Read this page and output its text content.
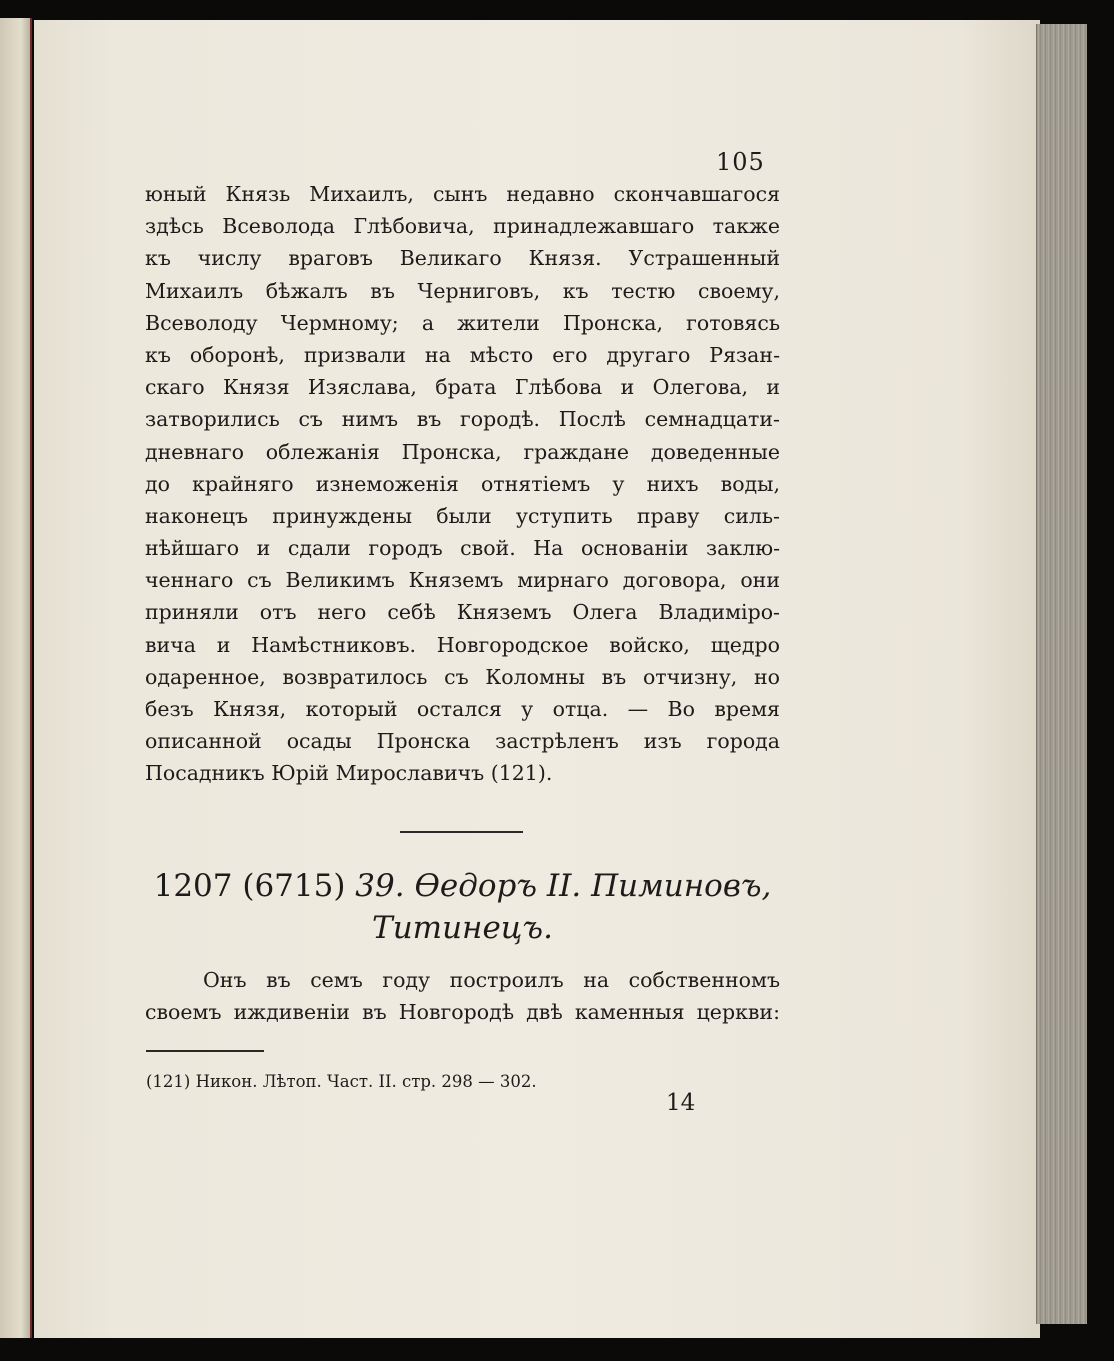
105
юный Князь Михаилъ, сынъ недавно скончавшагося
здѣсь Всеволода Глѣбовича, принадлежавшаго также
къ числу враговъ Великаго Князя. Устрашенный
Михаилъ бѣжалъ въ Черниговъ, къ тестю своему,
Всеволоду Чермному; а жители Пронска, готовясь
къ оборонѣ, призвали на мѣсто его другаго Рязан-
скаго Князя Изяслава, брата Глѣбова и Олегова, и
затворились съ нимъ въ городѣ. Послѣ семнадцати-
дневнаго облежанія Пронска, граждане доведенные
до крайняго изнеможенія отнятіемъ у нихъ воды,
наконецъ принуждены были уступить праву силь-
нѣйшаго и сдали городъ свой. На основаніи заклю-
ченнаго съ Великимъ Княземъ мирнаго договора, они
приняли отъ него себѣ Княземъ Олега Владиміро-
вича и Намѣстниковъ. Новгородское войско, щедро
одаренное, возвратилось съ Коломны въ отчизну, но
безъ Князя, который остался у отца. — Во время
описанной осады Пронска застрѣленъ изъ города
Посадникъ Юрій Мирославичъ (121).
1207 (6715) 39. Ѳедоръ II. Пиминовъ,
Титинецъ.
Онъ въ семъ году построилъ на собственномъ
своемъ иждивеніи въ Новгородѣ двѣ каменныя церкви:
(121) Никон. Лѣтоп. Част. II. стр. 298 — 302.
14
